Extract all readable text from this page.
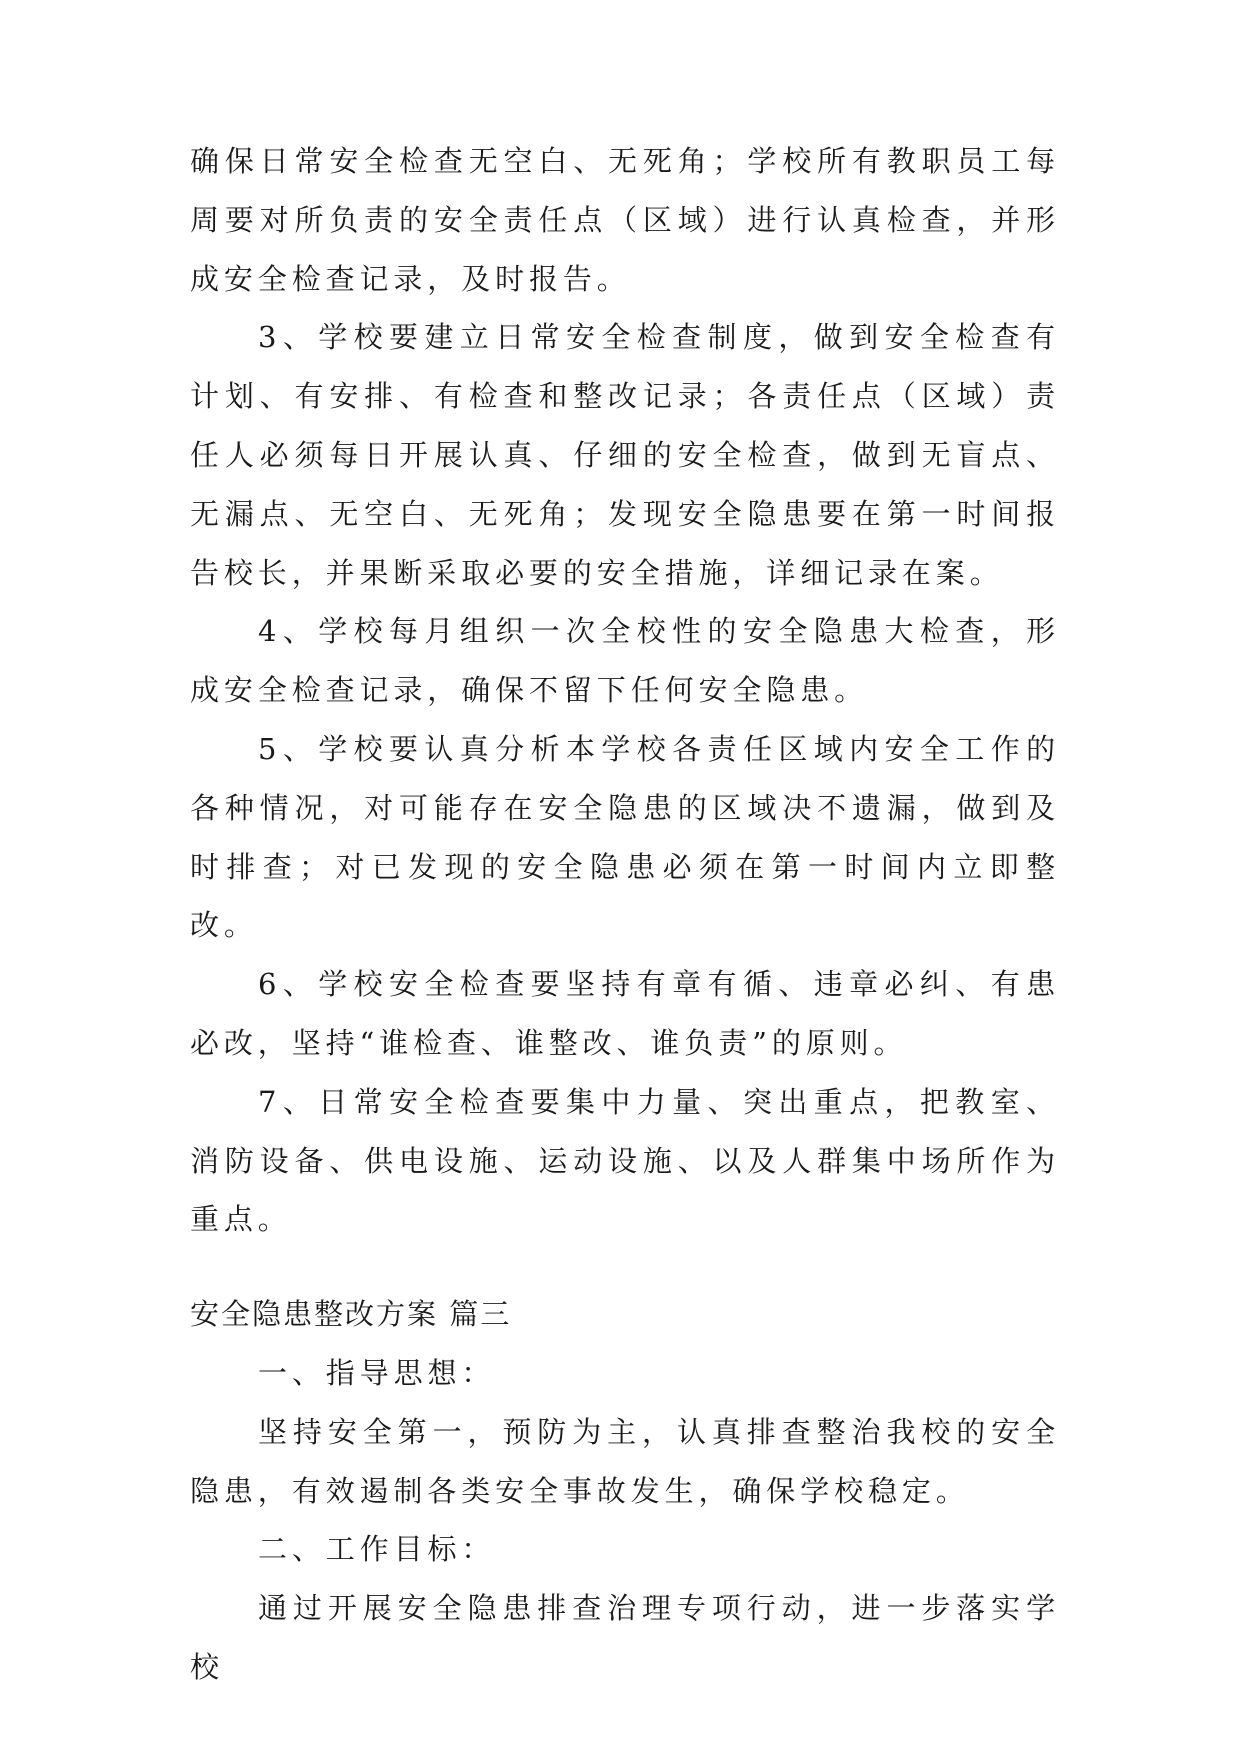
确保日常安全检查无空白、无死角；学校所有教职员工每周要对所负责的安全责任点（区域）进行认真检查，并形成安全检查记录，及时报告。

3、学校要建立日常安全检查制度，做到安全检查有计划、有安排、有检查和整改记录；各责任点（区域）责任人必须每日开展认真、仔细的安全检查，做到无盲点、无漏点、无空白、无死角；发现安全隐患要在第一时间报告校长，并果断采取必要的安全措施，详细记录在案。

4、学校每月组织一次全校性的安全隐患大检查，形成安全检查记录，确保不留下任何安全隐患。

5、学校要认真分析本学校各责任区域内安全工作的各种情况，对可能存在安全隐患的区域决不遗漏，做到及时排查；对已发现的安全隐患必须在第一时间内立即整改。

6、学校安全检查要坚持有章有循、违章必纠、有患必改，坚持“谁检查、谁整改、谁负责”的原则。

7、日常安全检查要集中力量、突出重点，把教室、消防设备、供电设施、运动设施、以及人群集中场所作为重点。

安全隐患整改方案 篇三

一、指导思想：

坚持安全第一，预防为主，认真排查整治我校的安全隐患，有效遏制各类安全事故发生，确保学校稳定。

二、工作目标：

通过开展安全隐患排查治理专项行动，进一步落实学校
